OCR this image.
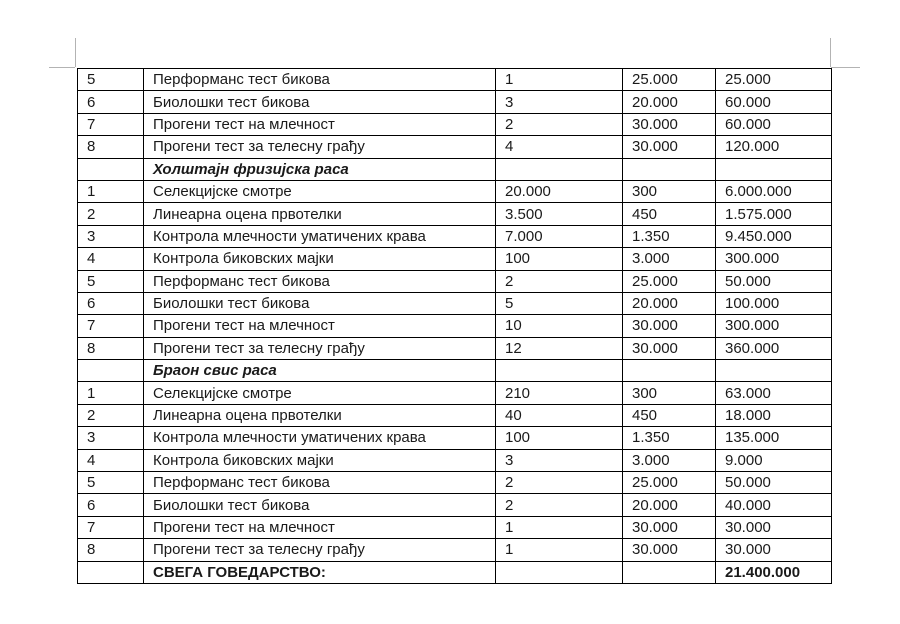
5	Перформанс тест бикова	1	25.000	25.000
6	Биолошки тест бикова	3	20.000	60.000
7	Прогени тест на млечност	2	30.000	60.000
8	Прогени тест за телесну грађу	4	30.000	120.000
	Холштајн фризијска раса			
1	Селекцијске смотре	20.000	300	6.000.000
2	Линеарна оцена првотелки	3.500	450	1.575.000
3	Контрола млечности уматичених крава	7.000	1.350	9.450.000
4	Контрола биковских мајки	100	3.000	300.000
5	Перформанс тест бикова	2	25.000	50.000
6	Биолошки тест бикова	5	20.000	100.000
7	Прогени тест на млечност	10	30.000	300.000
8	Прогени тест за телесну грађу	12	30.000	360.000
	Браон свис раса			
1	Селекцијске смотре	210	300	63.000
2	Линеарна оцена првотелки	40	450	18.000
3	Контрола млечности уматичених крава	100	1.350	135.000
4	Контрола биковских мајки	3	3.000	9.000
5	Перформанс тест бикова	2	25.000	50.000
6	Биолошки тест бикова	2	20.000	40.000
7	Прогени тест на млечност	1	30.000	30.000
8	Прогени тест за телесну грађу	1	30.000	30.000
	СВЕГА ГОВЕДАРСТВО:			21.400.000
